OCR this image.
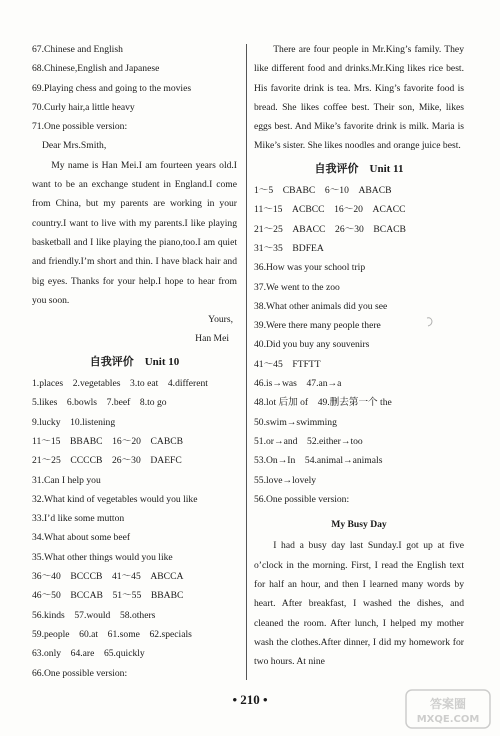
67.Chinese and English
68.Chinese,English and Japanese
69.Playing chess and going to the movies
70.Curly hair,a little heavy
71.One possible version:
Dear Mrs.Smith,
My name is Han Mei.I am fourteen years old.I want to be an exchange student in England.I come from China, but my parents are working in your country.I want to live with my parents.I like playing basketball and I like playing the piano,too.I am quiet and friendly.I’m short and thin. I have black hair and big eyes. Thanks for your help.I hope to hear from you soon.
Yours,
Han Mei
自我评价　Unit 10
1.places　2.vegetables　3.to eat　4.different
5.likes　6.bowls　7.beef　8.to go
9.lucky　10.listening
11～15　BBABC　16～20　CABCB
21～25　CCCCB　26～30　DAEFC
31.Can I help you
32.What kind of vegetables would you like
33.I’d like some mutton
34.What about some beef
35.What other things would you like
36～40　BCCCB　41～45　ABCCA
46～50　BCCAB　51～55　BBABC
56.kinds　57.would　58.others
59.people　60.at　61.some　62.specials
63.only　64.are　65.quickly
66.One possible version:
There are four people in Mr.King’s family. They like different food and drinks.Mr.King likes rice best. His favorite drink is tea. Mrs. King’s favorite food is bread. She likes coffee best. Their son, Mike, likes eggs best. And Mike’s favorite drink is milk. Maria is Mike’s sister. She likes noodles and orange juice best.
自我评价　Unit 11
1～5　CBABC　6～10　ABACB
11～15　ACBCC　16～20　ACACC
21～25　ABACC　26～30　BCACB
31～35　BDFEA
36.How was your school trip
37.We went to the zoo
38.What other animals did you see
39.Were there many people there
40.Did you buy any souvenirs
41～45　FTFTT
46.is→was　47.an→a
48.lot 后加 of　49.删去第一个 the
50.swim→swimming
51.or→and　52.either→too
53.On→In　54.animal→animals
55.love→lovely
56.One possible version:
My Busy Day
I had a busy day last Sunday.I got up at five o’clock in the morning. First, I read the English text for half an hour, and then I learned many words by heart. After breakfast, I washed the dishes, and cleaned the room. After lunch, I helped my mother wash the clothes.After dinner, I did my homework for two hours. At nine
• 210 •	答案圈
MXQE.COM
